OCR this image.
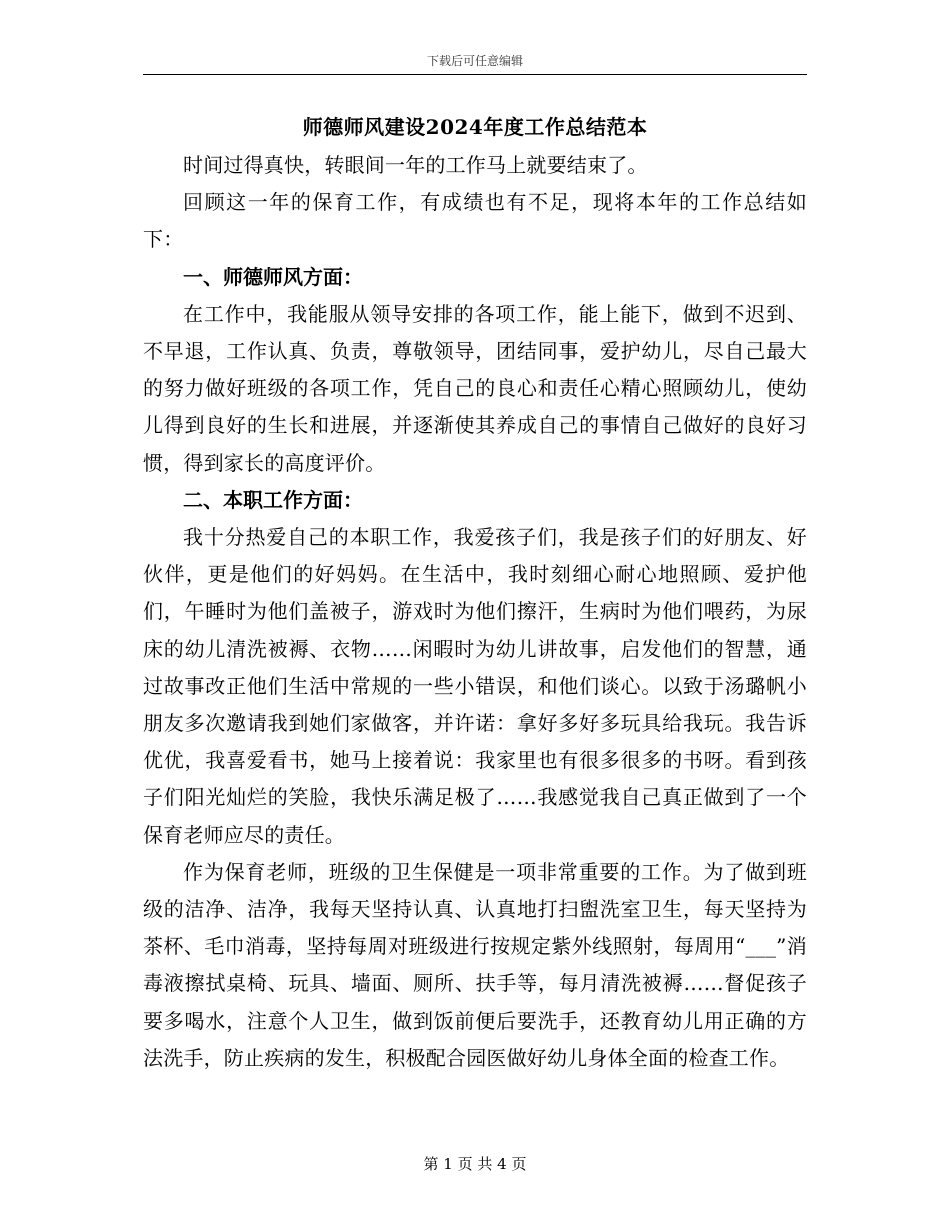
下载后可任意编辑
师德师风建设2024年度工作总结范本

时间过得真快，转眼间一年的工作马上就要结束了。

回顾这一年的保育工作，有成绩也有不足，现将本年的工作总结如下：

一、师德师风方面：

在工作中，我能服从领导安排的各项工作，能上能下，做到不迟到、不早退，工作认真、负责，尊敬领导，团结同事，爱护幼儿，尽自己最大的努力做好班级的各项工作，凭自己的良心和责任心精心照顾幼儿，使幼儿得到良好的生长和进展，并逐渐使其养成自己的事情自己做好的良好习惯，得到家长的高度评价。

二、本职工作方面：

我十分热爱自己的本职工作，我爱孩子们，我是孩子们的好朋友、好伙伴，更是他们的好妈妈。在生活中，我时刻细心耐心地照顾、爱护他们，午睡时为他们盖被子，游戏时为他们擦汗，生病时为他们喂药，为尿床的幼儿清洗被褥、衣物……闲暇时为幼儿讲故事，启发他们的智慧，通过故事改正他们生活中常规的一些小错误，和他们谈心。以致于汤璐帆小朋友多次邀请我到她们家做客，并许诺：拿好多好多玩具给我玩。我告诉优优，我喜爱看书，她马上接着说：我家里也有很多很多的书呀。看到孩子们阳光灿烂的笑脸，我快乐满足极了……我感觉我自己真正做到了一个保育老师应尽的责任。

作为保育老师，班级的卫生保健是一项非常重要的工作。为了做到班级的洁净、洁净，我每天坚持认真、认真地打扫盥洗室卫生，每天坚持为茶杯、毛巾消毒，坚持每周对班级进行按规定紫外线照射，每周用“___”消毒液擦拭桌椅、玩具、墙面、厕所、扶手等，每月清洗被褥……督促孩子要多喝水，注意个人卫生，做到饭前便后要洗手，还教育幼儿用正确的方法洗手，防止疾病的发生，积极配合园医做好幼儿身体全面的检查工作。

第 1 页 共 4 页
